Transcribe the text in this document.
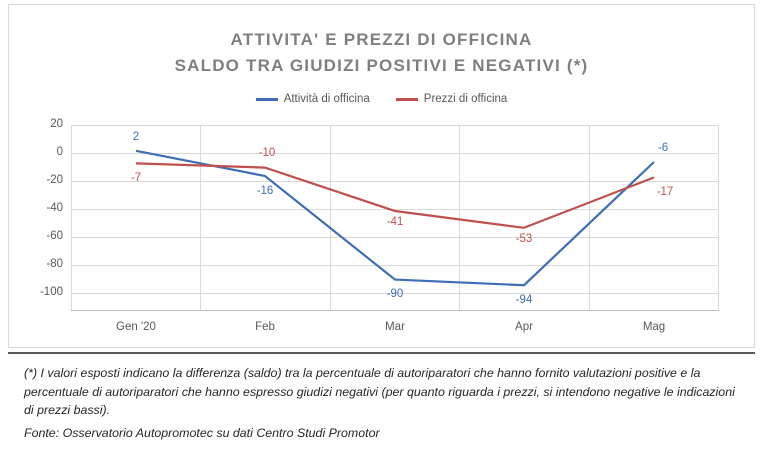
ATTIVITA' E PREZZI DI OFFICINA
SALDO TRA GIUDIZI POSITIVI E NEGATIVI (*)
Attività di officina	Prezzi di officina
20
0
-20
-40
-60
-80
-100
Gen '20	Feb	Mar	Apr	Mag
2
-16
-90	-94
-6
-7
-10
-41
-53
-17
(*) I valori esposti indicano la differenza (saldo) tra la percentuale di autoriparatori che hanno fornito valutazioni positive e la percentuale di autoriparatori che hanno espresso giudizi negativi (per quanto riguarda i prezzi, si intendono negative le indicazioni di prezzi bassi).
Fonte: Osservatorio Autopromotec su dati Centro Studi Promotor
